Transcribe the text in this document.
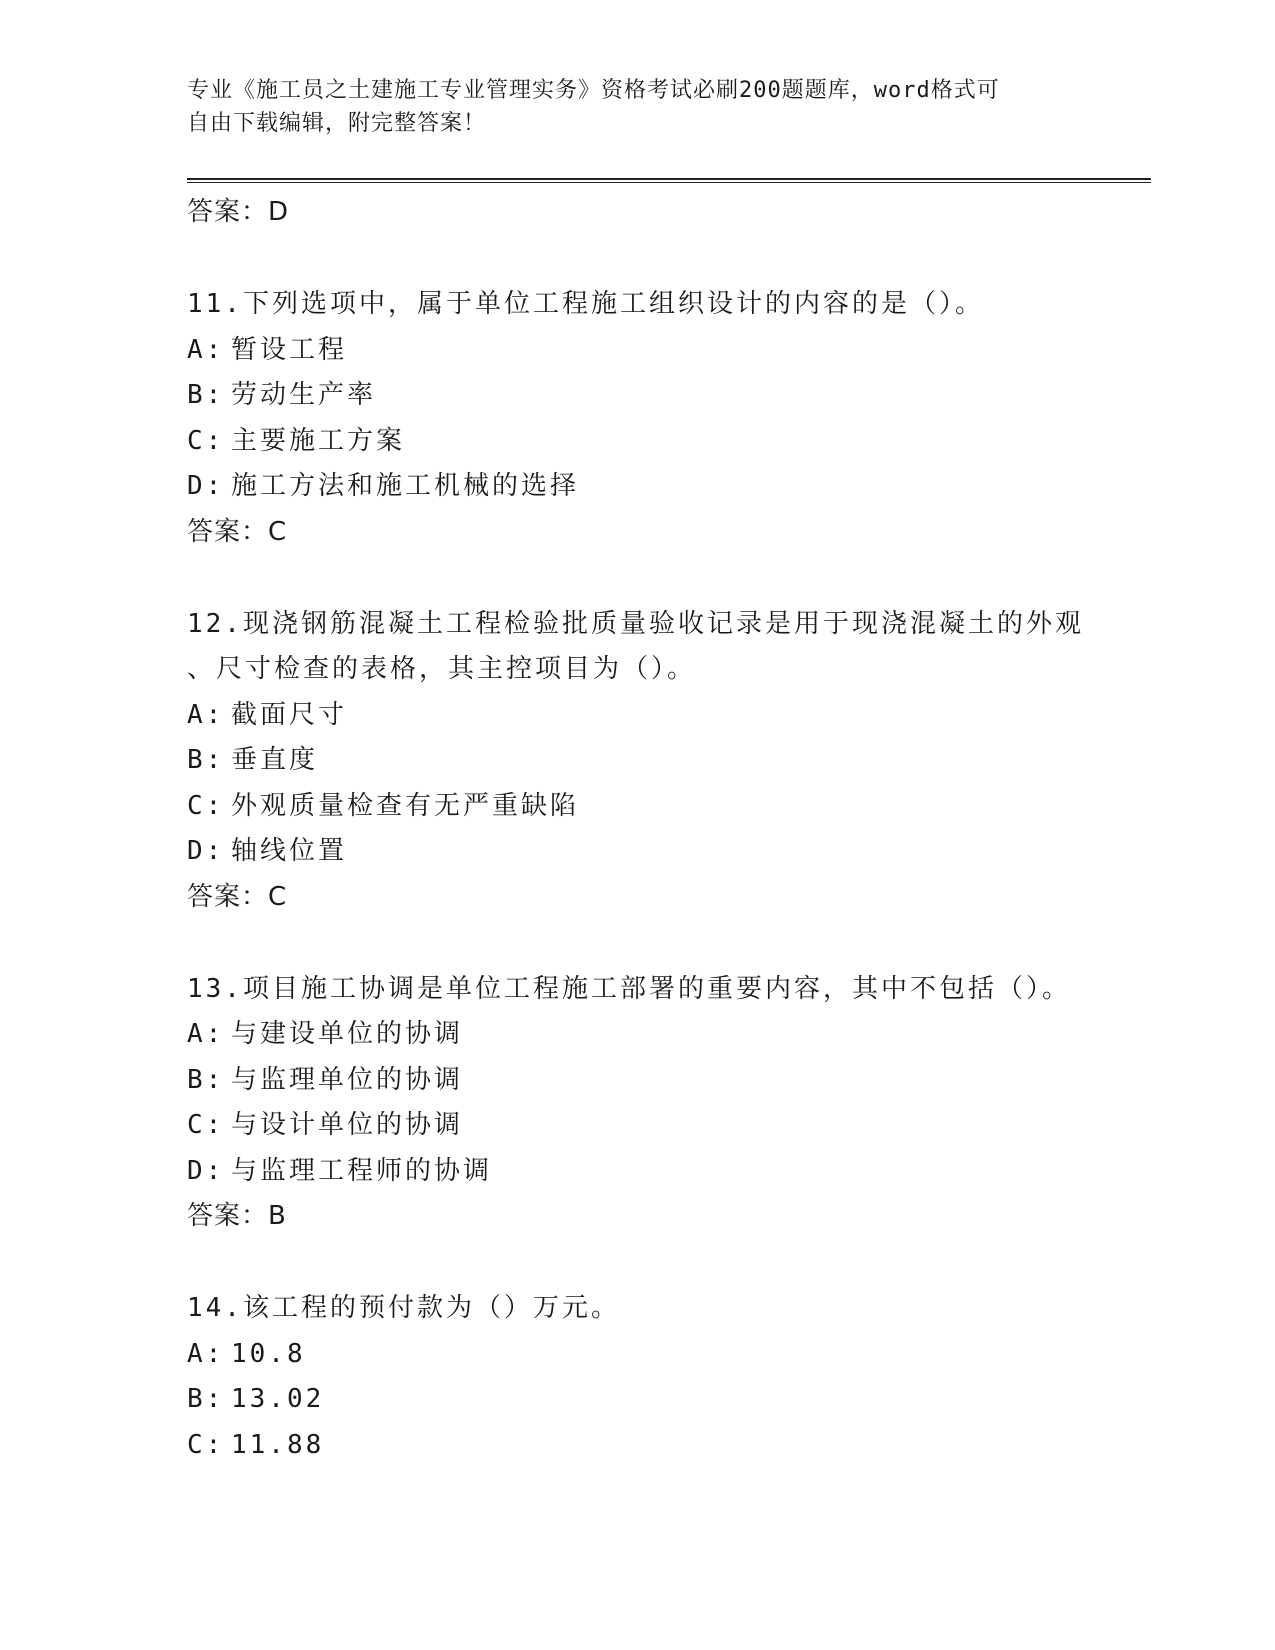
专业《施工员之土建施工专业管理实务》资格考试必刷200题题库，word格式可
自由下载编辑，附完整答案！
答案：D
11.下列选项中，属于单位工程施工组织设计的内容的是（）。
A: 暂设工程
B: 劳动生产率
C: 主要施工方案
D: 施工方法和施工机械的选择
答案：C
12.现浇钢筋混凝土工程检验批质量验收记录是用于现浇混凝土的外观
、尺寸检查的表格，其主控项目为（）。
A: 截面尺寸
B: 垂直度
C: 外观质量检查有无严重缺陷
D: 轴线位置
答案：C
13.项目施工协调是单位工程施工部署的重要内容，其中不包括（）。
A: 与建设单位的协调
B: 与监理单位的协调
C: 与设计单位的协调
D: 与监理工程师的协调
答案：B
14.该工程的预付款为（）万元。
A: 10.8
B: 13.02
C: 11.88
